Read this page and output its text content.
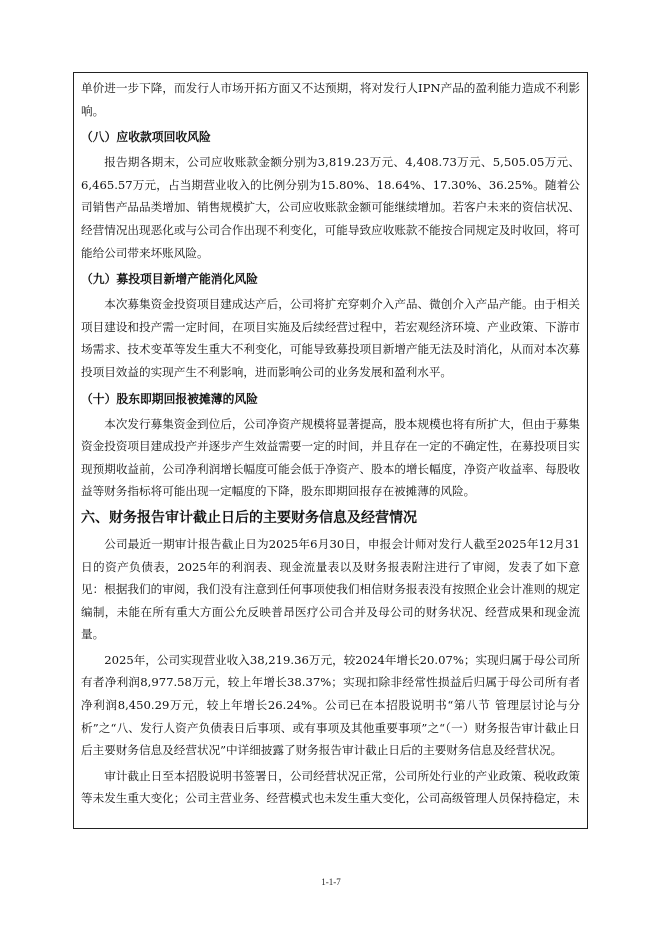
单价进一步下降，而发行人市场开拓方面又不达预期，将对发行人IPN产品的盈利能力造成不利影响。

（八）应收款项回收风险

报告期各期末，公司应收账款金额分别为3,819.23万元、4,408.73万元、5,505.05万元、6,465.57万元，占当期营业收入的比例分别为15.80%、18.64%、17.30%、36.25%。随着公司销售产品品类增加、销售规模扩大，公司应收账款金额可能继续增加。若客户未来的资信状况、经营情况出现恶化或与公司合作出现不利变化，可能导致应收账款不能按合同规定及时收回，将可能给公司带来坏账风险。

（九）募投项目新增产能消化风险

本次募集资金投资项目建成达产后，公司将扩充穿刺介入产品、微创介入产品产能。由于相关项目建设和投产需一定时间，在项目实施及后续经营过程中，若宏观经济环境、产业政策、下游市场需求、技术变革等发生重大不利变化，可能导致募投项目新增产能无法及时消化，从而对本次募投项目效益的实现产生不利影响，进而影响公司的业务发展和盈利水平。

（十）股东即期回报被摊薄的风险

本次发行募集资金到位后，公司净资产规模将显著提高，股本规模也将有所扩大，但由于募集资金投资项目建成投产并逐步产生效益需要一定的时间，并且存在一定的不确定性，在募投项目实现预期收益前，公司净利润增长幅度可能会低于净资产、股本的增长幅度，净资产收益率、每股收益等财务指标将可能出现一定幅度的下降，股东即期回报存在被摊薄的风险。

六、财务报告审计截止日后的主要财务信息及经营情况

公司最近一期审计报告截止日为2025年6月30日，申报会计师对发行人截至2025年12月31日的资产负债表，2025年的利润表、现金流量表以及财务报表附注进行了审阅，发表了如下意见：根据我们的审阅，我们没有注意到任何事项使我们相信财务报表没有按照企业会计准则的规定编制，未能在所有重大方面公允反映普昂医疗公司合并及母公司的财务状况、经营成果和现金流量。

2025年，公司实现营业收入38,219.36万元，较2024年增长20.07%；实现归属于母公司所有者净利润8,977.58万元，较上年增长38.37%；实现扣除非经常性损益后归属于母公司所有者净利润8,450.29万元，较上年增长26.24%。公司已在本招股说明书“第八节 管理层讨论与分析”之“八、发行人资产负债表日后事项、或有事项及其他重要事项”之“（一）财务报告审计截止日后主要财务信息及经营状况”中详细披露了财务报告审计截止日后的主要财务信息及经营状况。

审计截止日至本招股说明书签署日，公司经营状况正常，公司所处行业的产业政策、税收政策等未发生重大变化；公司主营业务、经营模式也未发生重大变化，公司高级管理人员保持稳定，未

1-1-7
